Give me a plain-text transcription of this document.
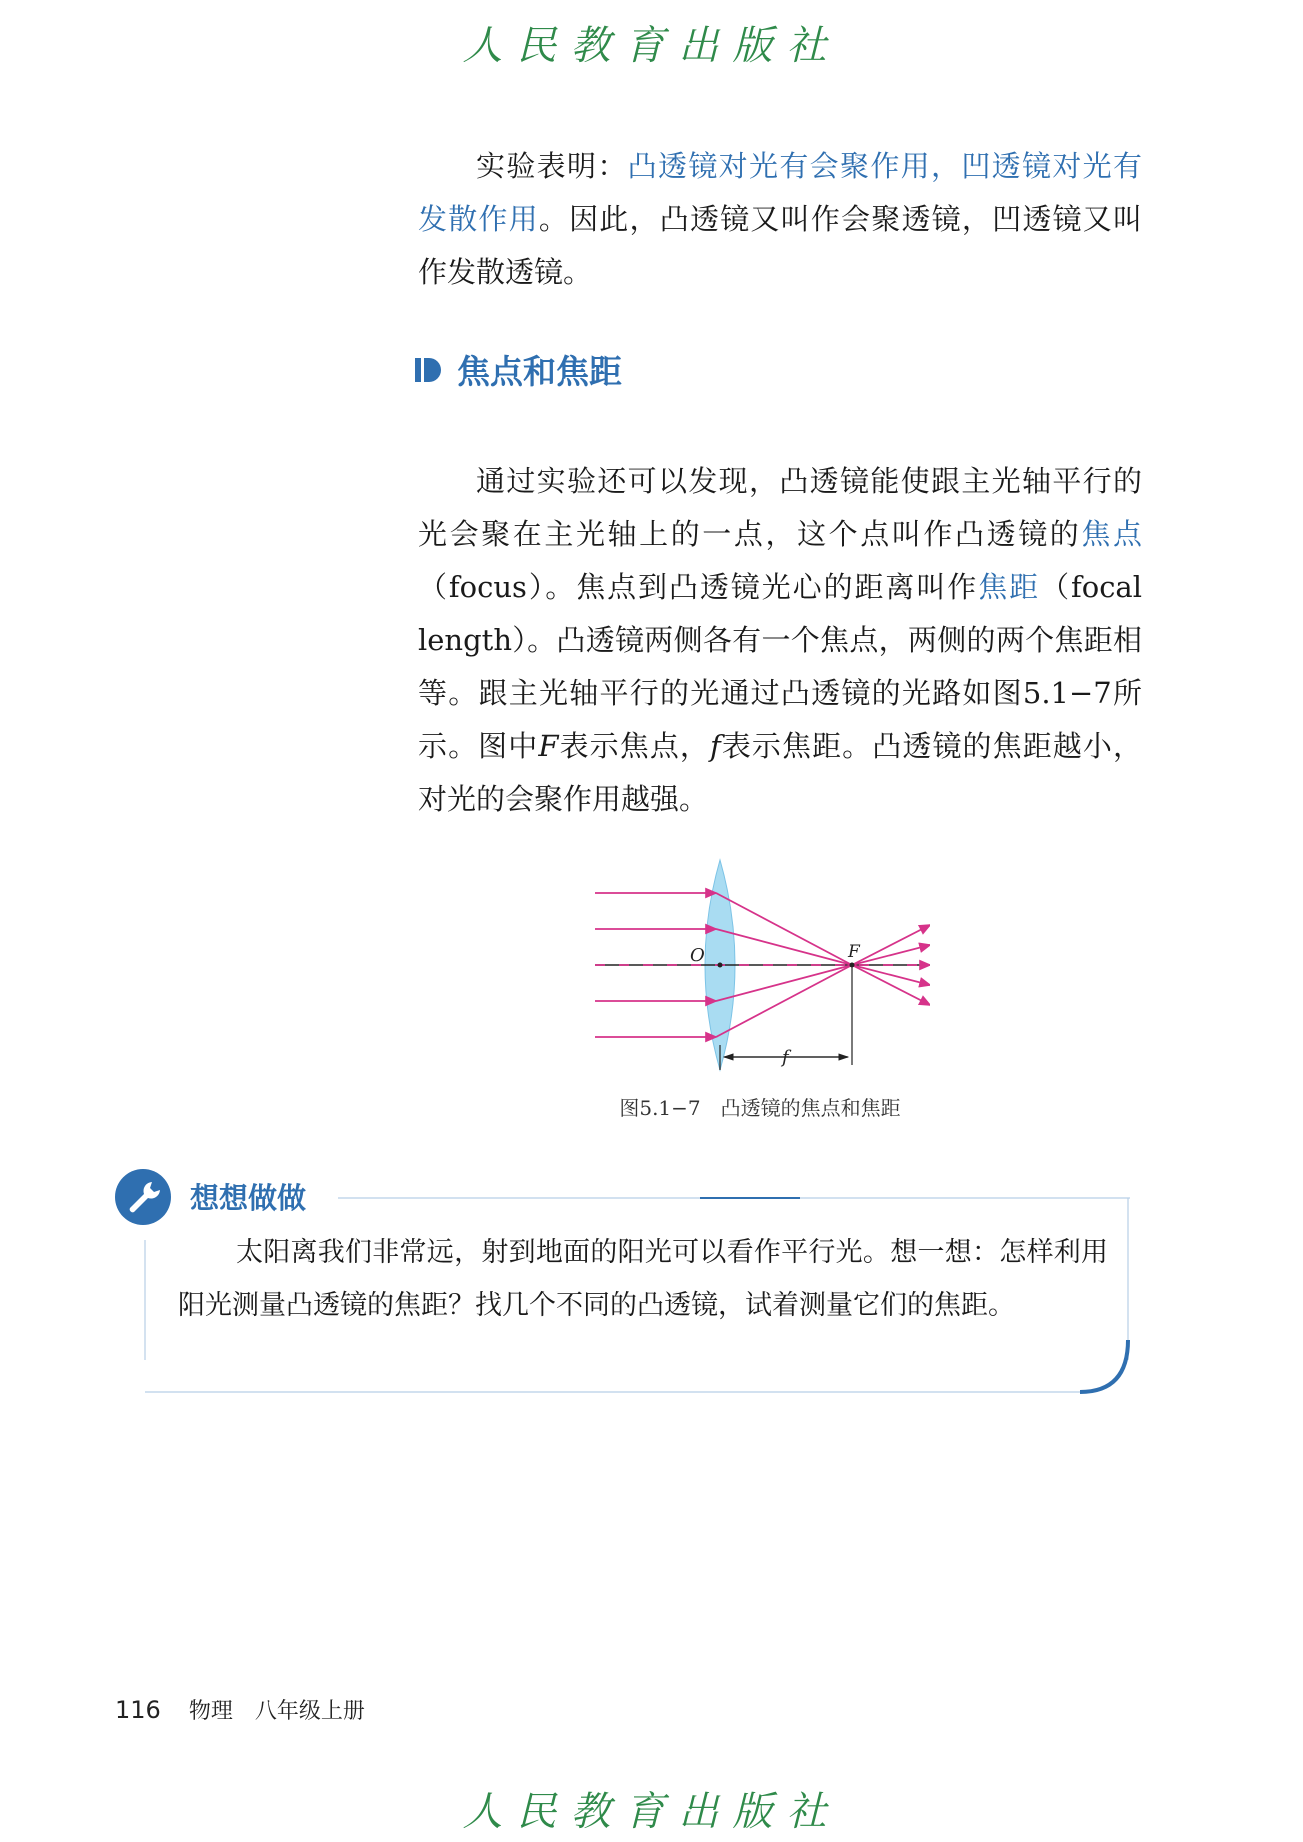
人民教育出版社

实验表明：凸透镜对光有会聚作用，凹透镜对光有发散作用。因此，凸透镜又叫作会聚透镜，凹透镜又叫作发散透镜。

焦点和焦距

通过实验还可以发现，凸透镜能使跟主光轴平行的光会聚在主光轴上的一点，这个点叫作凸透镜的焦点（focus）。焦点到凸透镜光心的距离叫作焦距（focal length）。凸透镜两侧各有一个焦点，两侧的两个焦距相等。跟主光轴平行的光通过凸透镜的光路如图5.1−7所示。图中F表示焦点，f表示焦距。凸透镜的焦距越小，对光的会聚作用越强。

O	F
f
图5.1−7　凸透镜的焦点和焦距
想想做做

太阳离我们非常远，射到地面的阳光可以看作平行光。想一想：怎样利用阳光测量凸透镜的焦距？找几个不同的凸透镜，试着测量它们的焦距。

116 物理 八年级上册
人民教育出版社
